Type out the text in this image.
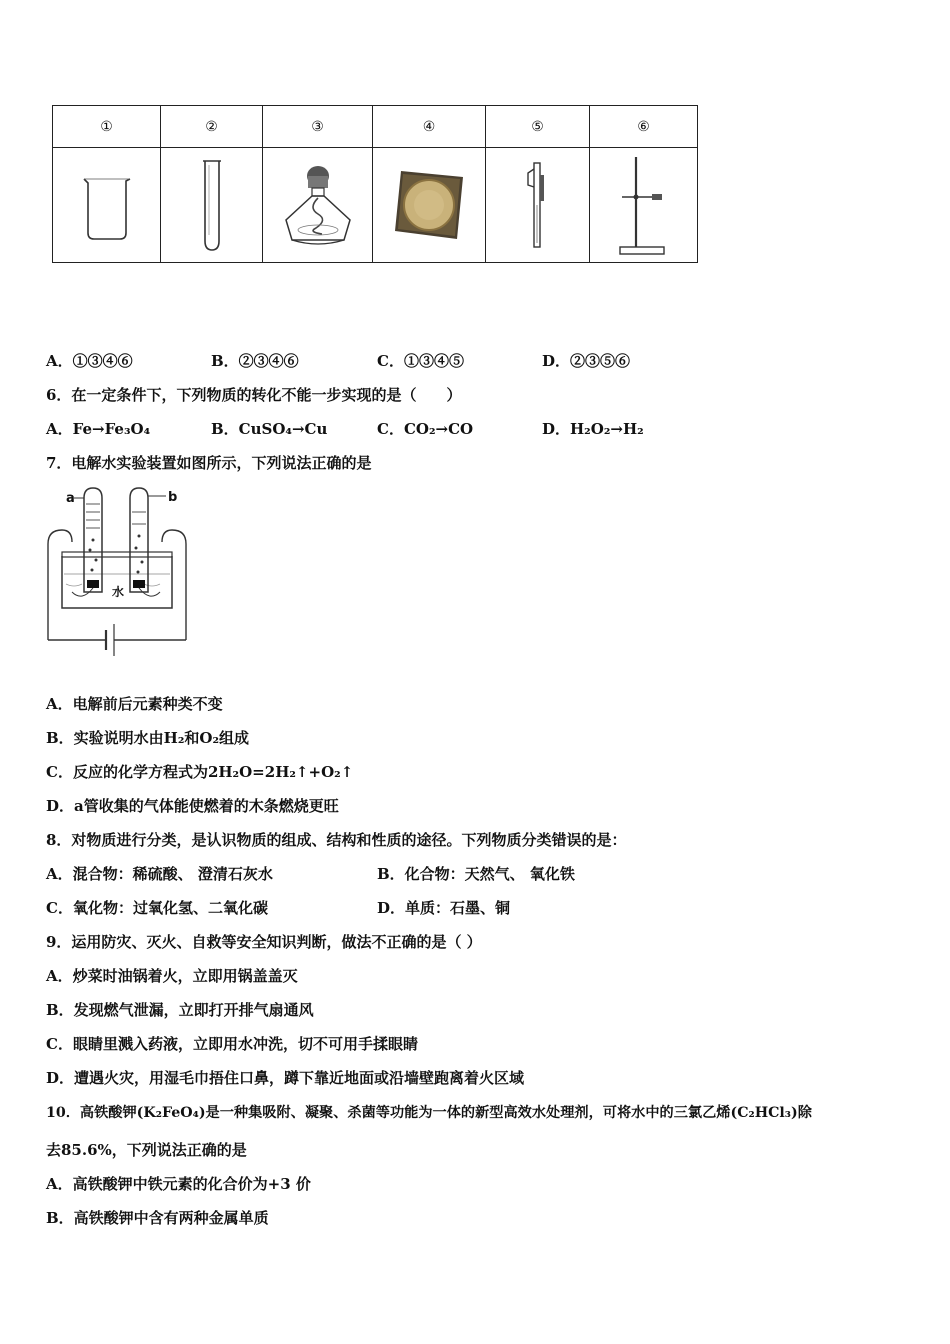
①	②	③	④	⑤	⑥

A．①③④⑥	B．②③④⑥	C．①③④⑤	D．②③⑤⑥
6．在一定条件下，下列物质的转化不能一步实现的是（　　）
A．Fe→Fe₃O₄	B．CuSO₄→Cu	C．CO₂→CO	D．H₂O₂→H₂
7．电解水实验装置如图所示，下列说法正确的是
a	b
水
A．电解前后元素种类不变
B．实验说明水由H₂和O₂组成
C．反应的化学方程式为2H₂O=2H₂↑+O₂↑
D．a管收集的气体能使燃着的木条燃烧更旺
8．对物质进行分类，是认识物质的组成、结构和性质的途径。下列物质分类错误的是：
A．混合物：稀硫酸、 澄清石灰水	B．化合物：天然气、 氧化铁
C．氧化物：过氧化氢、二氧化碳	D．单质：石墨、铜
9．运用防灾、灭火、自救等安全知识判断，做法不正确的是（ ）
A．炒菜时油锅着火，立即用锅盖盖灭
B．发现燃气泄漏，立即打开排气扇通风
C．眼睛里溅入药液，立即用水冲洗，切不可用手揉眼睛
D．遭遇火灾，用湿毛巾捂住口鼻，蹲下靠近地面或沿墙壁跑离着火区域
10．高铁酸钾(K₂FeO₄)是一种集吸附、凝聚、杀菌等功能为一体的新型高效水处理剂，可将水中的三氯乙烯(C₂HCl₃)除
去85.6%，下列说法正确的是
A．高铁酸钾中铁元素的化合价为+3 价
B．高铁酸钾中含有两种金属单质
